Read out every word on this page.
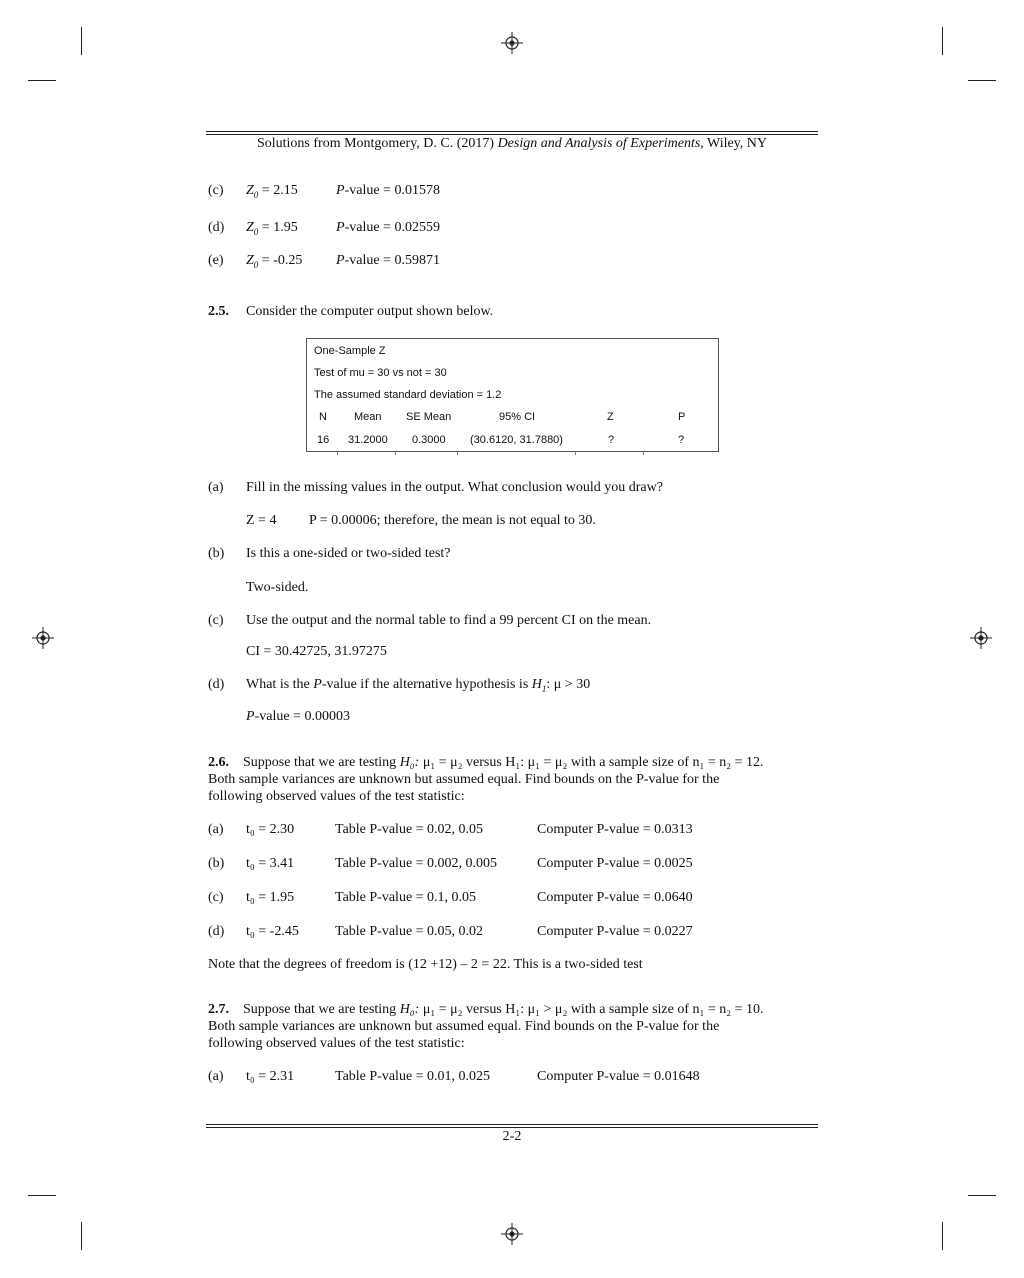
Solutions from Montgomery, D. C. (2017) Design and Analysis of Experiments, Wiley, NY
(c) $Z_0 = 2.15$	P-value = 0.01578
(d) $Z_0 = 1.95$	P-value = 0.02559
(e) $Z_0 = -0.25$ P-value = 0.59871
2.5. Consider the computer output shown below.
One-Sample Z
Test of mu = 30 vs not = 30
The assumed standard deviation = 1.2
N Mean SE Mean	95% CI	Z	P
16 31.2000 0.3000 (30.6120, 31.7880)	?	?
(a) Fill in the missing values in the output. What conclusion would you draw?
Z = 4 P = 0.00006; therefore, the mean is not equal to 30.
(b) Is this a one-sided or two-sided test?
Two-sided.
(c) Use the output and the normal table to find a 99 percent CI on the mean.
CI = 30.42725, 31.97275
(d) What is the P-value if the alternative hypothesis is $H_1$: μ > 30
P-value = 0.00003
2.6. Suppose that we are testing H₀: μ₁ = μ₂ versus H₁: μ₁ = μ₂ with a sample size of n₁ = n₂ = 12.
Both sample variances are unknown but assumed equal. Find bounds on the P-value for the
following observed values of the test statistic:
(a) t₀ = 2.30	Table P-value = 0.02, 0.05	Computer P-value = 0.0313
(b) t₀ = 3.41	Table P-value = 0.002, 0.005	Computer P-value = 0.0025
(c) t₀ = 1.95	Table P-value = 0.1, 0.05	Computer P-value = 0.0640
(d) t₀ = -2.45	Table P-value = 0.05, 0.02	Computer P-value = 0.0227
Note that the degrees of freedom is (12 +12) – 2 = 22. This is a two-sided test
2.7. Suppose that we are testing H₀: μ₁ = μ₂ versus H₁: μ₁ > μ₂ with a sample size of n₁ = n₂ = 10.
Both sample variances are unknown but assumed equal. Find bounds on the P-value for the
following observed values of the test statistic:
(a) t₀ = 2.31	Table P-value = 0.01, 0.025	Computer P-value = 0.01648
2-2
